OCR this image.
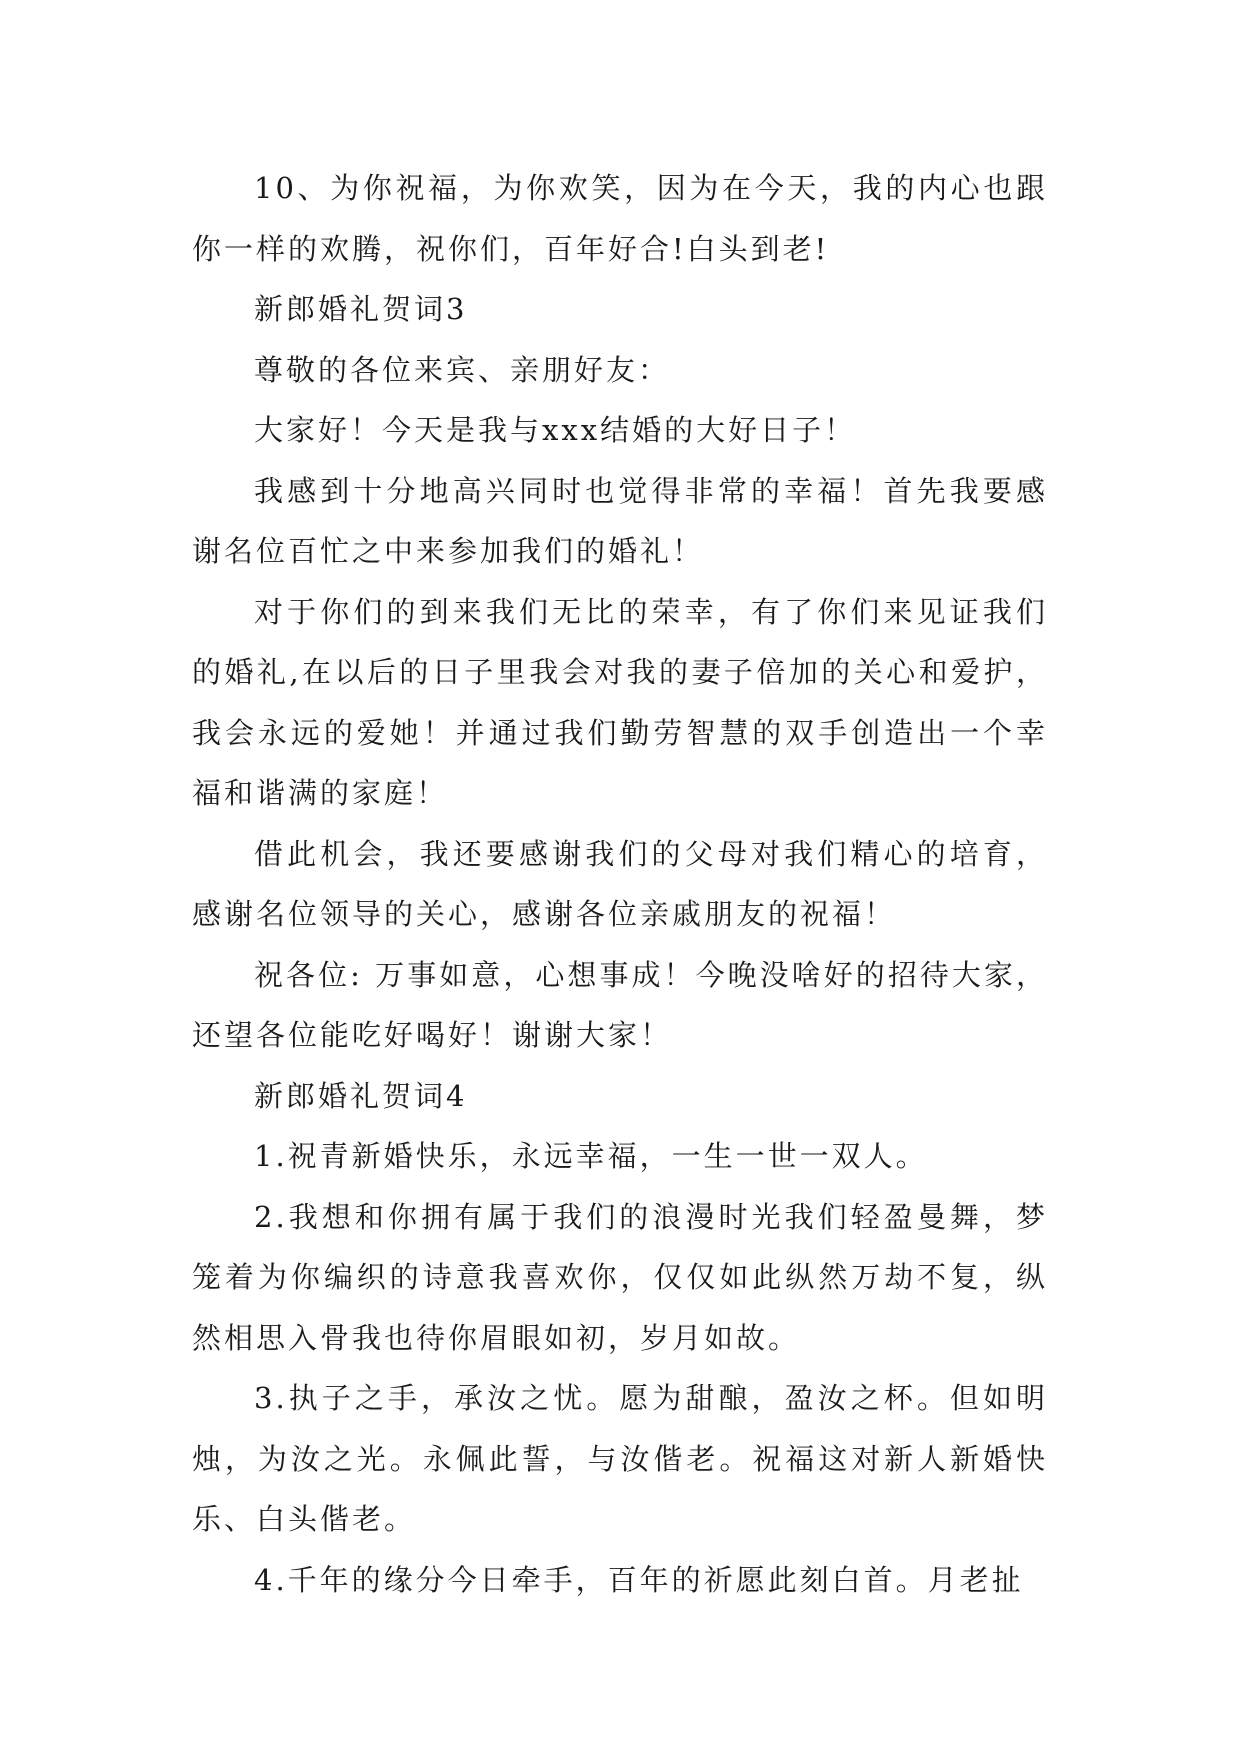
10、为你祝福，为你欢笑，因为在今天，我的内心也跟你一样的欢腾，祝你们，百年好合!白头到老!

新郎婚礼贺词3

尊敬的各位来宾、亲朋好友：

大家好！今天是我与xxx结婚的大好日子！

我感到十分地高兴同时也觉得非常的幸福！首先我要感谢名位百忙之中来参加我们的婚礼！

对于你们的到来我们无比的荣幸，有了你们来见证我们的婚礼,在以后的日子里我会对我的妻子倍加的关心和爱护，我会永远的爱她！并通过我们勤劳智慧的双手创造出一个幸福和谐满的家庭！

借此机会，我还要感谢我们的父母对我们精心的培育，感谢名位领导的关心，感谢各位亲戚朋友的祝福！

祝各位: 万事如意，心想事成！今晚没啥好的招待大家，还望各位能吃好喝好！谢谢大家！

新郎婚礼贺词4

1.祝青新婚快乐，永远幸福，一生一世一双人。

2.我想和你拥有属于我们的浪漫时光我们轻盈曼舞，梦笼着为你编织的诗意我喜欢你，仅仅如此纵然万劫不复，纵然相思入骨我也待你眉眼如初，岁月如故。

3.执子之手，承汝之忧。愿为甜酿，盈汝之杯。但如明烛，为汝之光。永佩此誓，与汝偕老。祝福这对新人新婚快乐、白头偕老。

4.千年的缘分今日牵手，百年的祈愿此刻白首。月老扯
